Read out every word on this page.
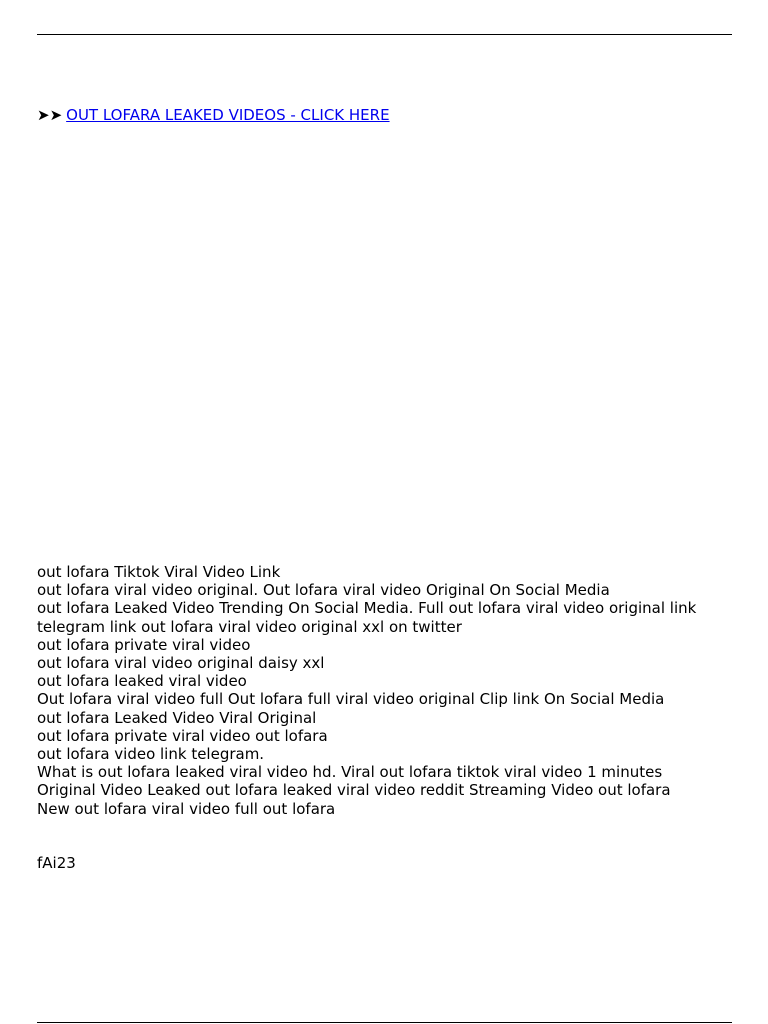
➤➤ OUT LOFARA LEAKED VIDEOS - CLICK HERE
out lofara Tiktok Viral Video Link
out lofara viral video original. Out lofara viral video Original On Social Media
out lofara Leaked Video Trending On Social Media. Full out lofara viral video original link
telegram link out lofara viral video original xxl on twitter
out lofara private viral video
out lofara viral video original daisy xxl
out lofara leaked viral video
Out lofara viral video full Out lofara full viral video original Clip link On Social Media
out lofara Leaked Video Viral Original
out lofara private viral video out lofara
out lofara video link telegram.
What is out lofara leaked viral video hd. Viral out lofara tiktok viral video 1 minutes
Original Video Leaked out lofara leaked viral video reddit Streaming Video out lofara
New out lofara viral video full out lofara
fAi23
